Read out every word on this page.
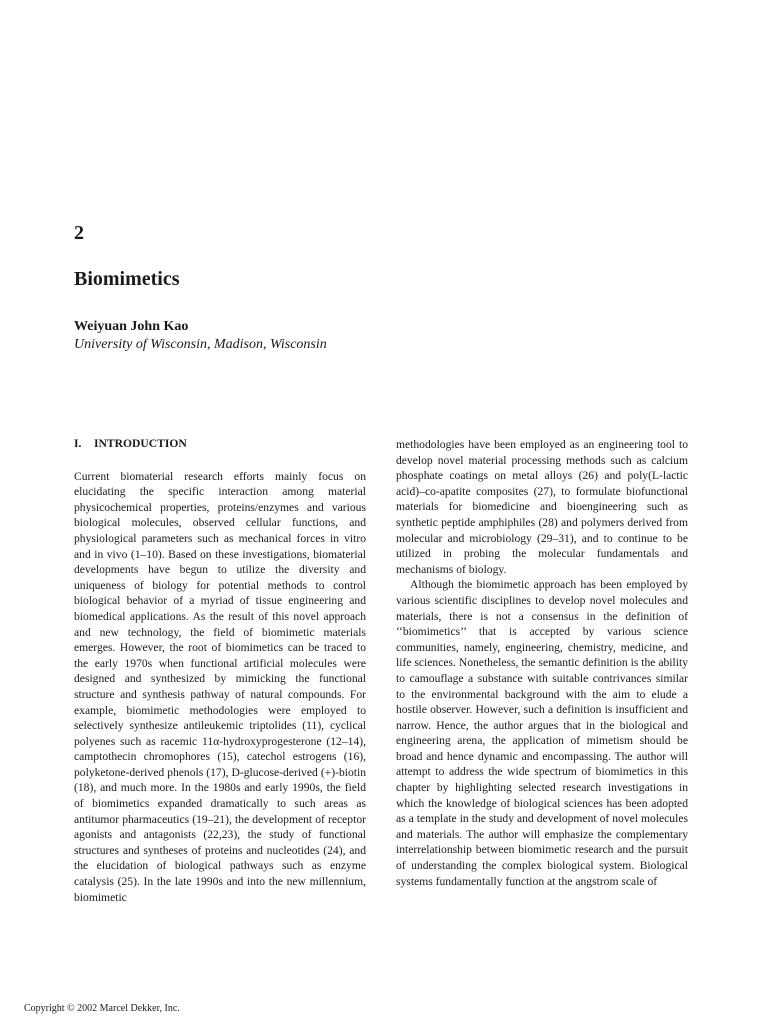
2
Biomimetics
Weiyuan John Kao
University of Wisconsin, Madison, Wisconsin
I. INTRODUCTION

Current biomaterial research efforts mainly focus on elucidating the specific interaction among material physicochemical properties, proteins/enzymes and various biological molecules, observed cellular functions, and physiological parameters such as mechanical forces in vitro and in vivo (1–10). Based on these investigations, biomaterial developments have begun to utilize the diversity and uniqueness of biology for potential methods to control biological behavior of a myriad of tissue engineering and biomedical applications. As the result of this novel approach and new technology, the field of biomimetic materials emerges. However, the root of biomimetics can be traced to the early 1970s when functional artificial molecules were designed and synthesized by mimicking the functional structure and synthesis pathway of natural compounds. For example, biomimetic methodologies were employed to selectively synthesize antileukemic triptolides (11), cyclical polyenes such as racemic 11α-hydroxyprogesterone (12–14), camptothecin chromophores (15), catechol estrogens (16), polyketone-derived phenols (17), D-glucose-derived (+)-biotin (18), and much more. In the 1980s and early 1990s, the field of biomimetics expanded dramatically to such areas as antitumor pharmaceutics (19–21), the development of receptor agonists and antagonists (22,23), the study of functional structures and syntheses of proteins and nucleotides (24), and the elucidation of biological pathways such as enzyme catalysis (25). In the late 1990s and into the new millennium, biomimetic

methodologies have been employed as an engineering tool to develop novel material processing methods such as calcium phosphate coatings on metal alloys (26) and poly(L-lactic acid)–co-apatite composites (27), to formulate biofunctional materials for biomedicine and bioengineering such as synthetic peptide amphiphiles (28) and polymers derived from molecular and microbiology (29–31), and to continue to be utilized in probing the molecular fundamentals and mechanisms of biology.

Although the biomimetic approach has been employed by various scientific disciplines to develop novel molecules and materials, there is not a consensus in the definition of ‘‘biomimetics’’ that is accepted by various science communities, namely, engineering, chemistry, medicine, and life sciences. Nonetheless, the semantic definition is the ability to camouflage a substance with suitable contrivances similar to the environmental background with the aim to elude a hostile observer. However, such a definition is insufficient and narrow. Hence, the author argues that in the biological and engineering arena, the application of mimetism should be broad and hence dynamic and encompassing. The author will attempt to address the wide spectrum of biomimetics in this chapter by highlighting selected research investigations in which the knowledge of biological sciences has been adopted as a template in the study and development of novel molecules and materials. The author will emphasize the complementary interrelationship between biomimetic research and the pursuit of understanding the complex biological system. Biological systems fundamentally function at the angstrom scale of

Copyright © 2002 Marcel Dekker, Inc.
